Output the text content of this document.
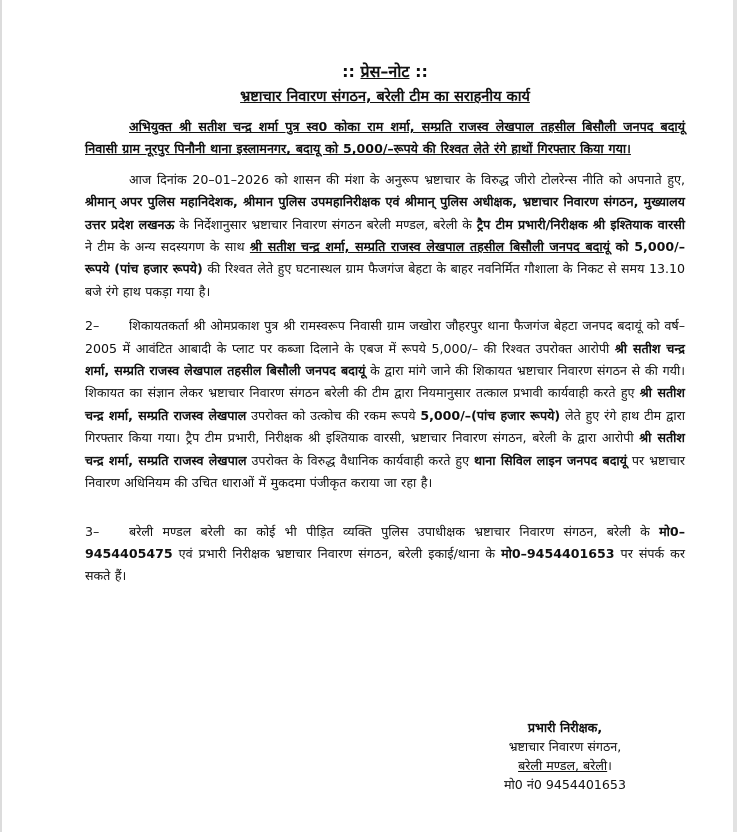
:: प्रेस–नोट ::
भ्रष्टाचार निवारण संगठन, बरेली टीम का सराहनीय कार्य
अभियुक्त श्री सतीश चन्द्र शर्मा पुत्र स्व0 कोका राम शर्मा, सम्प्रति राजस्व लेखपाल तहसील बिसौली जनपद बदायूं निवासी ग्राम नूरपुर पिनौनी थाना इस्लामनगर, बदायू को 5,000/–रूपये की रिश्वत लेते रंगे हाथों गिरफ्तार किया गया।
आज दिनांक 20–01–2026 को शासन की मंशा के अनुरूप भ्रष्टाचार के विरुद्ध जीरो टोलरेन्स नीति को अपनाते हुए, श्रीमान् अपर पुलिस महानिदेशक, श्रीमान पुलिस उपमहानिरीक्षक एवं श्रीमान् पुलिस अधीक्षक, भ्रष्टाचार निवारण संगठन, मुख्यालय उत्तर प्रदेश लखनऊ के निर्देशानुसार भ्रष्टाचार निवारण संगठन बरेली मण्डल, बरेली के ट्रैप टीम प्रभारी/निरीक्षक श्री इश्तियाक वारसी ने टीम के अन्य सदस्यगण के साथ श्री सतीश चन्द्र शर्मा, सम्प्रति राजस्व लेखपाल तहसील बिसौली जनपद बदायूं को 5,000/–रूपये (पांच हजार रूपये) की रिश्वत लेते हुए घटनास्थल ग्राम फैजगंज बेहटा के बाहर नवनिर्मित गौशाला के निकट से समय 13.10 बजे रंगे हाथ पकड़ा गया है।
2– शिकायतकर्ता श्री ओमप्रकाश पुत्र श्री रामस्वरूप निवासी ग्राम जखोरा जौहरपुर थाना फैजगंज बेहटा जनपद बदायूं को वर्ष–2005 में आवंटित आबादी के प्लाट पर कब्जा दिलाने के एबज में रूपये 5,000/– की रिश्वत उपरोक्त आरोपी श्री सतीश चन्द्र शर्मा, सम्प्रति राजस्व लेखपाल तहसील बिसौली जनपद बदायूं के द्वारा मांगे जाने की शिकायत भ्रष्टाचार निवारण संगठन से की गयी। शिकायत का संज्ञान लेकर भ्रष्टाचार निवारण संगठन बरेली की टीम द्वारा नियमानुसार तत्काल प्रभावी कार्यवाही करते हुए श्री सतीश चन्द्र शर्मा, सम्प्रति राजस्व लेखपाल उपरोक्त को उत्कोच की रकम रूपये 5,000/–(पांच हजार रूपये) लेते हुए रंगे हाथ टीम द्वारा गिरफ्तार किया गया। ट्रैप टीम प्रभारी, निरीक्षक श्री इश्तियाक वारसी, भ्रष्टाचार निवारण संगठन, बरेली के द्वारा आरोपी श्री सतीश चन्द्र शर्मा, सम्प्रति राजस्व लेखपाल उपरोक्त के विरुद्ध वैधानिक कार्यवाही करते हुए थाना सिविल लाइन जनपद बदायूं पर भ्रष्टाचार निवारण अधिनियम की उचित धाराओं में मुकदमा पंजीकृत कराया जा रहा है।
3– बरेली मण्डल बरेली का कोई भी पीड़ित व्यक्ति पुलिस उपाधीक्षक भ्रष्टाचार निवारण संगठन, बरेली के मो0–9454405475 एवं प्रभारी निरीक्षक भ्रष्टाचार निवारण संगठन, बरेली इकाई/थाना के मो0–9454401653 पर संपर्क कर सकते हैं।
प्रभारी निरीक्षक,
भ्रष्टाचार निवारण संगठन,
बरेली मण्डल, बरेली।
मो0 नं0 9454401653
